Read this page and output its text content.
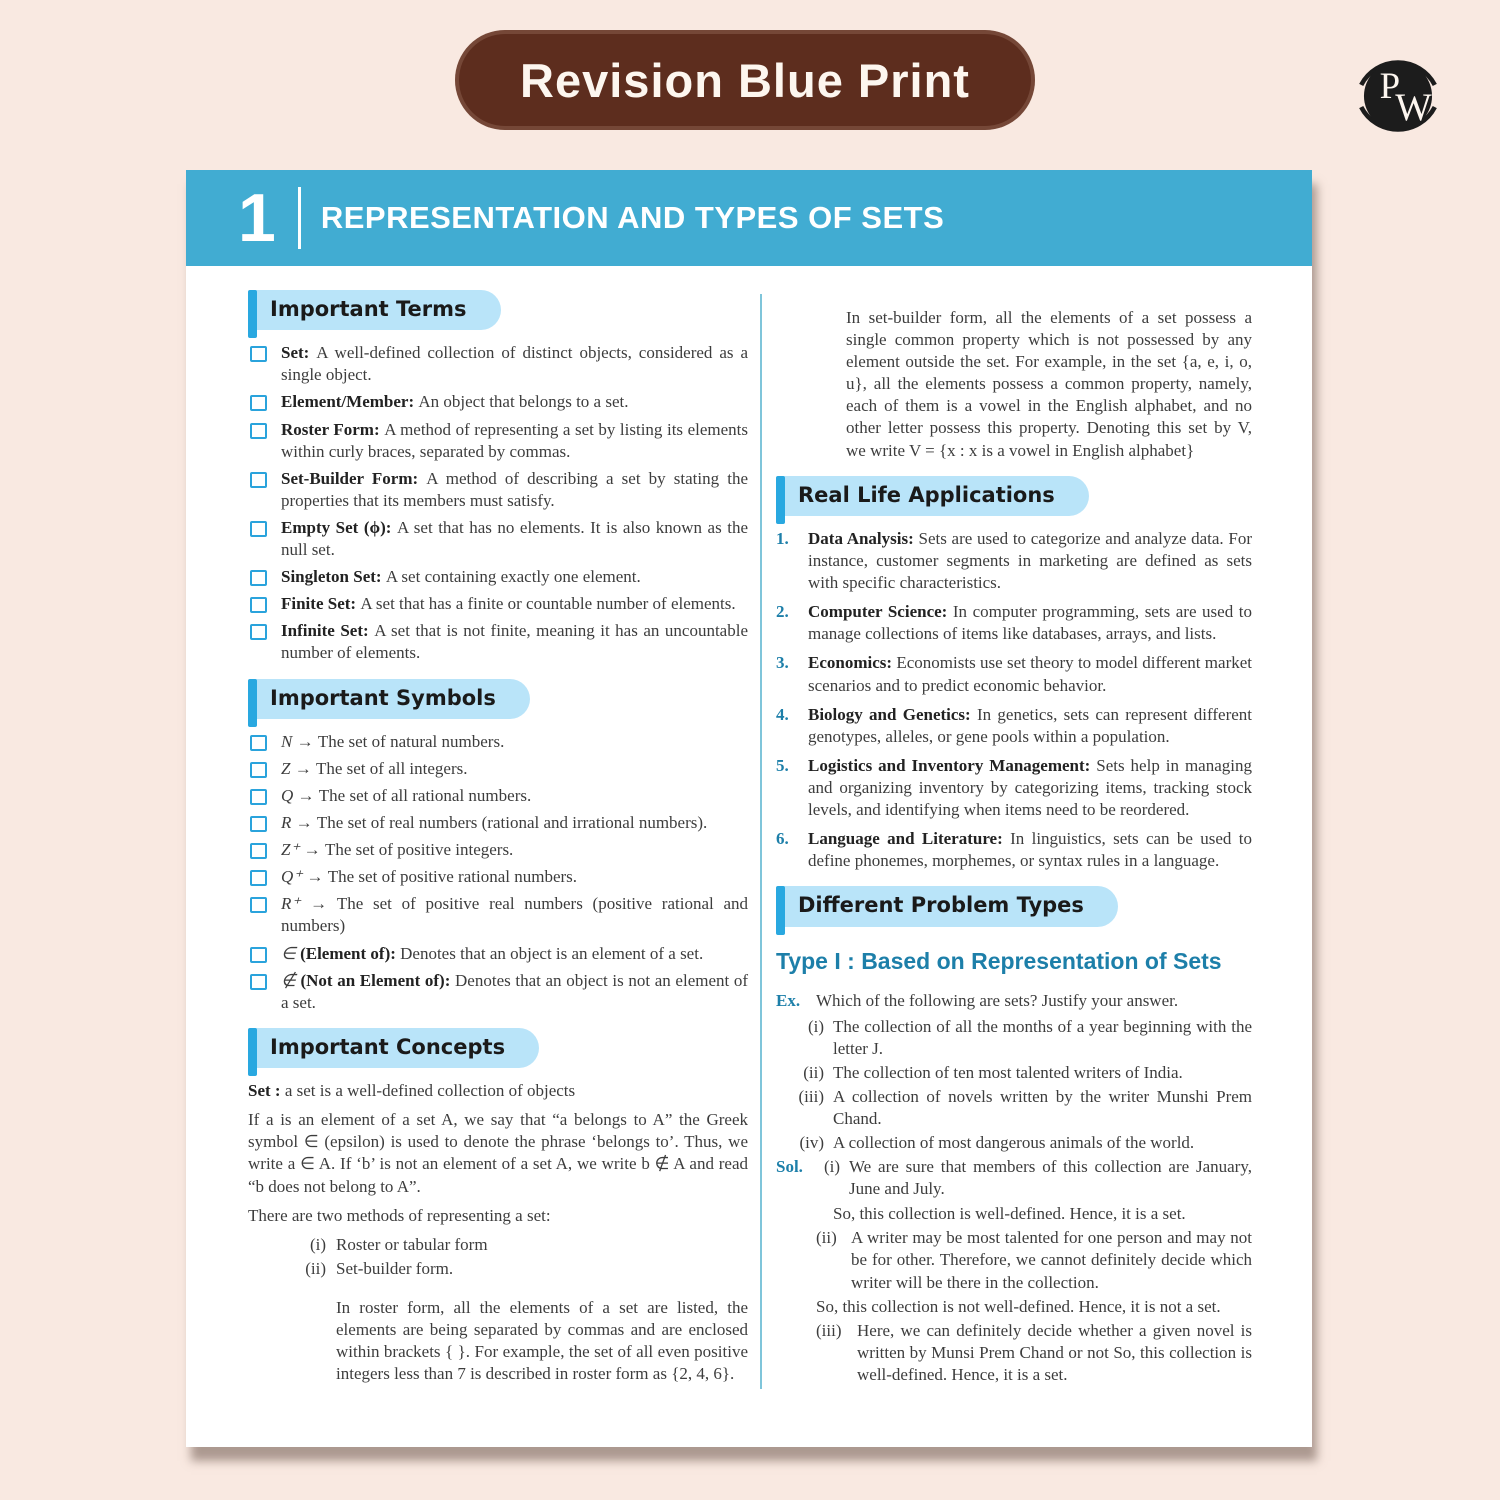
Revision Blue Print	P
W
1 REPRESENTATION AND TYPES OF SETS
Important Terms
Set: A well-defined collection of distinct objects, considered as a single object.
Element/Member: An object that belongs to a set.
Roster Form: A method of representing a set by listing its elements within curly braces, separated by commas.
Set-Builder Form: A method of describing a set by stating the properties that its members must satisfy.
Empty Set (ϕ): A set that has no elements. It is also known as the null set.
Singleton Set: A set containing exactly one element.
Finite Set: A set that has a finite or countable number of elements.
Infinite Set: A set that is not finite, meaning it has an uncountable number of elements.
Important Symbols
N → The set of natural numbers.
Z → The set of all integers.
Q → The set of all rational numbers.
R → The set of real numbers (rational and irrational numbers).
Z⁺ → The set of positive integers.
Q⁺ → The set of positive rational numbers.
R⁺ → The set of positive real numbers (positive rational and numbers)
∈ (Element of): Denotes that an object is an element of a set.
∉ (Not an Element of): Denotes that an object is not an element of a set.
Important Concepts

Set : a set is a well-defined collection of objects

If a is an element of a set A, we say that “a belongs to A” the Greek symbol ∈ (epsilon) is used to denote the phrase ‘belongs to’. Thus, we write a ∈ A. If ‘b’ is not an element of a set A, we write b ∉ A and read “b does not belong to A”.

There are two methods of representing a set:

(i) Roster or tabular form
(ii) Set-builder form.

In roster form, all the elements of a set are listed, the elements are being separated by commas and are enclosed within brackets { }. For example, the set of all even positive integers less than 7 is described in roster form as {2, 4, 6}.

In set-builder form, all the elements of a set possess a single common property which is not possessed by any element outside the set. For example, in the set {a, e, i, o, u}, all the elements possess a common property, namely, each of them is a vowel in the English alphabet, and no other letter possess this property. Denoting this set by V, we write V = {x : x is a vowel in English alphabet}

Real Life Applications
1.	Data Analysis: Sets are used to categorize and analyze data. For instance, customer segments in marketing are defined as sets with specific characteristics.
2.	Computer Science: In computer programming, sets are used to manage collections of items like databases, arrays, and lists.
3.	Economics: Economists use set theory to model different market scenarios and to predict economic behavior.
4.	Biology and Genetics: In genetics, sets can represent different genotypes, alleles, or gene pools within a population.
5.	Logistics and Inventory Management: Sets help in managing and organizing inventory by categorizing items, tracking stock levels, and identifying when items need to be reordered.
6.	Language and Literature: In linguistics, sets can be used to define phonemes, morphemes, or syntax rules in a language.
Different Problem Types
Type I : Based on Representation of Sets
Ex. Which of the following are sets? Justify your answer.
(i) The collection of all the months of a year beginning with the letter J.
(ii) The collection of ten most talented writers of India.
(iii) A collection of novels written by the writer Munshi Prem Chand.
(iv) A collection of most dangerous animals of the world.
Sol.	(i) We are sure that members of this collection are January, June and July.
So, this collection is well-defined. Hence, it is a set.
(ii) A writer may be most talented for one person and may not be for other. Therefore, we cannot definitely decide which writer will be there in the collection.
So, this collection is not well-defined. Hence, it is not a set.
(iii) Here, we can definitely decide whether a given novel is written by Munsi Prem Chand or not So, this collection is well-defined. Hence, it is a set.
